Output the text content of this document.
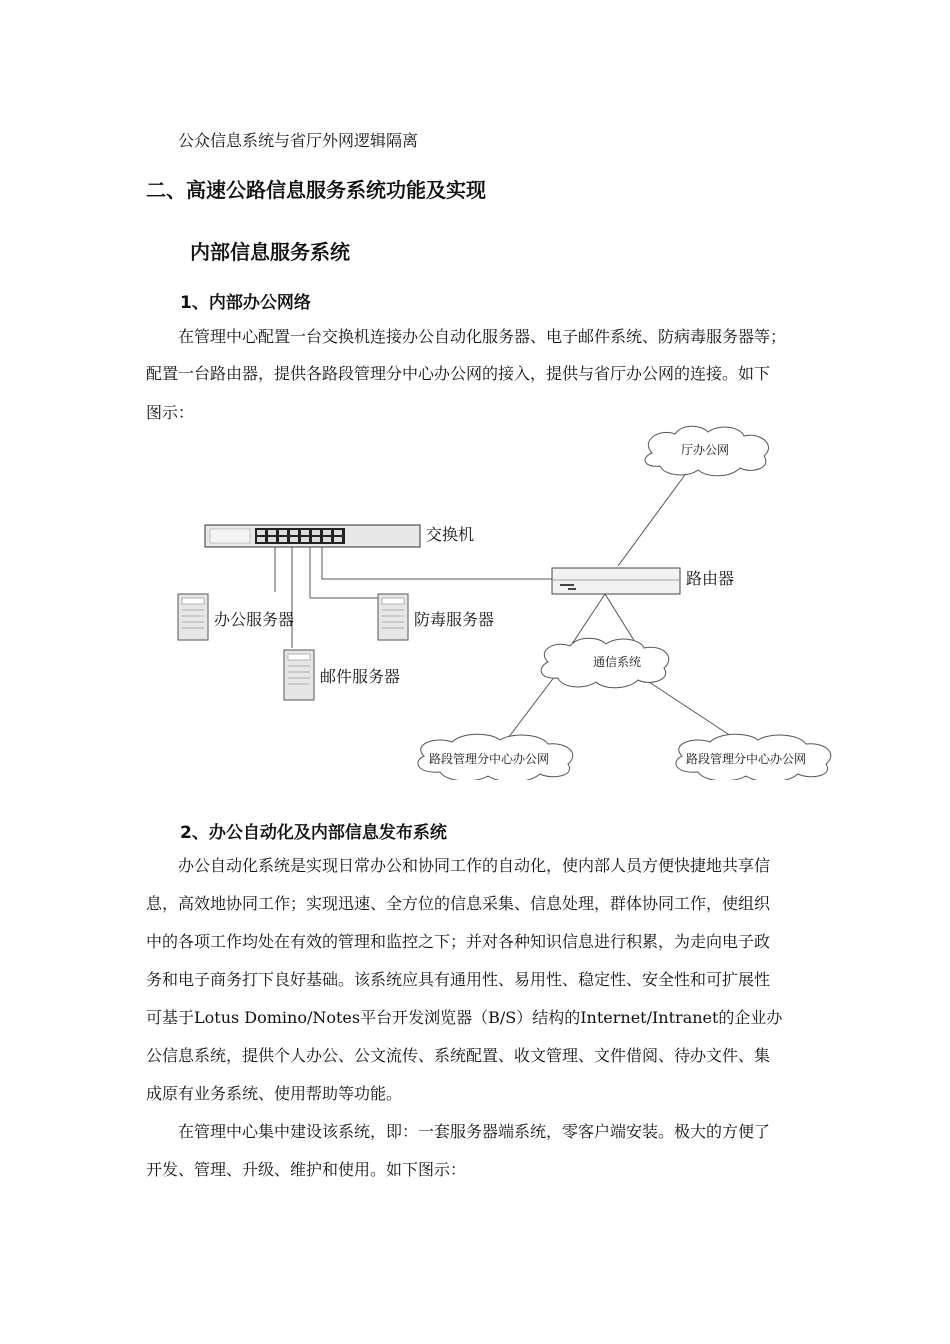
公众信息系统与省厅外网逻辑隔离
二、高速公路信息服务系统功能及实现
内部信息服务系统
1、内部办公网络
在管理中心配置一台交换机连接办公自动化服务器、电子邮件系统、防病毒服务器等；
配置一台路由器，提供各路段管理分中心办公网的接入，提供与省厅办公网的连接。如下
图示：
交换机
路由器
办公服务器	防毒服务器
邮件服务器
厅办公网
通信系统
路段管理分中心办公网	路段管理分中心办公网
2、办公自动化及内部信息发布系统
办公自动化系统是实现日常办公和协同工作的自动化，使内部人员方便快捷地共享信
息，高效地协同工作；实现迅速、全方位的信息采集、信息处理，群体协同工作，使组织
中的各项工作均处在有效的管理和监控之下；并对各种知识信息进行积累，为走向电子政
务和电子商务打下良好基础。该系统应具有通用性、易用性、稳定性、安全性和可扩展性
可基于Lotus Domino/Notes平台开发浏览器（B/S）结构的Internet/Intranet的企业办
公信息系统，提供个人办公、公文流传、系统配置、收文管理、文件借阅、待办文件、集
成原有业务系统、使用帮助等功能。
在管理中心集中建设该系统，即：一套服务器端系统，零客户端安装。极大的方便了
开发、管理、升级、维护和使用。如下图示：
